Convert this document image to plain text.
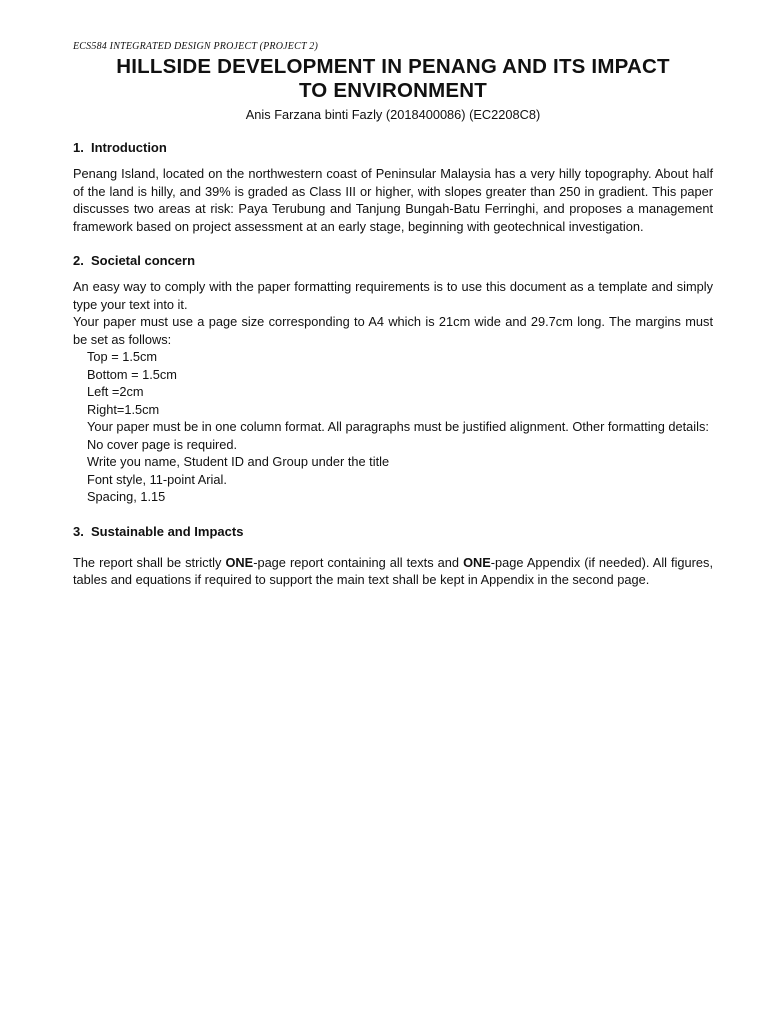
ECS584 INTEGRATED DESIGN PROJECT (PROJECT 2)

HILLSIDE DEVELOPMENT IN PENANG AND ITS IMPACT
TO ENVIRONMENT

Anis Farzana binti Fazly (2018400086) (EC2208C8)

1. Introduction

Penang Island, located on the northwestern coast of Peninsular Malaysia has a very hilly topography. About half of the land is hilly, and 39% is graded as Class III or higher, with slopes greater than 250 in gradient. This paper discusses two areas at risk: Paya Terubung and Tanjung Bungah-Batu Ferringhi, and proposes a management framework based on project assessment at an early stage, beginning with geotechnical investigation.

2. Societal concern

An easy way to comply with the paper formatting requirements is to use this document as a template and simply type your text into it.

Your paper must use a page size corresponding to A4 which is 21cm wide and 29.7cm long. The margins must be set as follows:

Top = 1.5cm

Bottom = 1.5cm

Left =2cm

Right=1.5cm

Your paper must be in one column format. All paragraphs must be justified alignment. Other formatting details:

No cover page is required.

Write you name, Student ID and Group under the title

Font style, 11-point Arial.

Spacing, 1.15

3. Sustainable and Impacts

The report shall be strictly ONE-page report containing all texts and ONE-page Appendix (if needed). All figures, tables and equations if required to support the main text shall be kept in Appendix in the second page.
